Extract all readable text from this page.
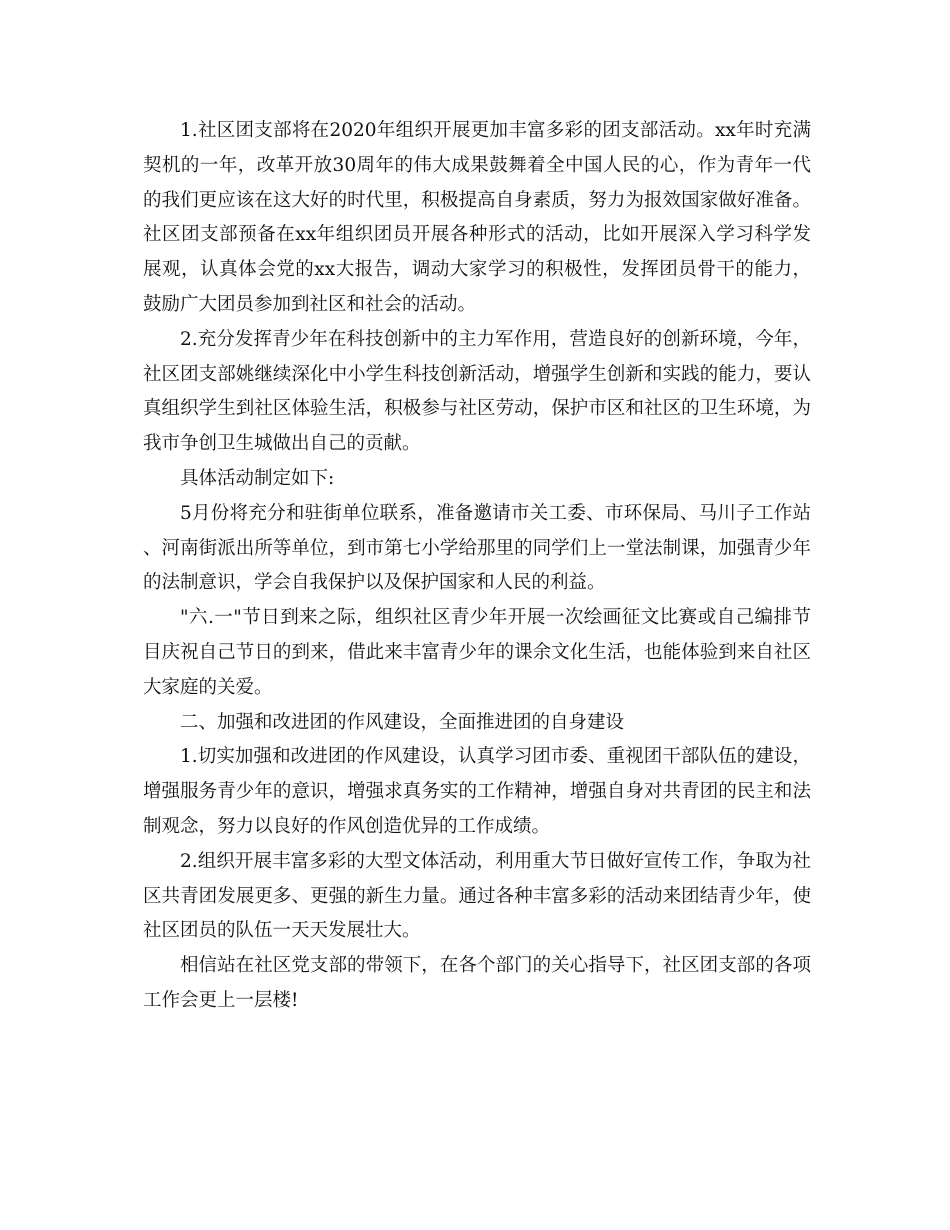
1.社区团支部将在2020年组织开展更加丰富多彩的团支部活动。xx年时充满契机的一年，改革开放30周年的伟大成果鼓舞着全中国人民的心，作为青年一代的我们更应该在这大好的时代里，积极提高自身素质，努力为报效国家做好准备。社区团支部预备在xx年组织团员开展各种形式的活动，比如开展深入学习科学发展观，认真体会党的xx大报告，调动大家学习的积极性，发挥团员骨干的能力，鼓励广大团员参加到社区和社会的活动。

2.充分发挥青少年在科技创新中的主力军作用，营造良好的创新环境，今年，社区团支部姚继续深化中小学生科技创新活动，增强学生创新和实践的能力，要认真组织学生到社区体验生活，积极参与社区劳动，保护市区和社区的卫生环境，为我市争创卫生城做出自己的贡献。

具体活动制定如下:

5月份将充分和驻街单位联系，准备邀请市关工委、市环保局、马川子工作站、河南街派出所等单位，到市第七小学给那里的同学们上一堂法制课，加强青少年的法制意识，学会自我保护以及保护国家和人民的利益。

"六.一"节日到来之际，组织社区青少年开展一次绘画征文比赛或自己编排节目庆祝自己节日的到来，借此来丰富青少年的课余文化生活，也能体验到来自社区大家庭的关爱。

二、加强和改进团的作风建设，全面推进团的自身建设

1.切实加强和改进团的作风建设，认真学习团市委、重视团干部队伍的建设，增强服务青少年的意识，增强求真务实的工作精神，增强自身对共青团的民主和法制观念，努力以良好的作风创造优异的工作成绩。

2.组织开展丰富多彩的大型文体活动，利用重大节日做好宣传工作，争取为社区共青团发展更多、更强的新生力量。通过各种丰富多彩的活动来团结青少年，使社区团员的队伍一天天发展壮大。

相信站在社区党支部的带领下，在各个部门的关心指导下，社区团支部的各项工作会更上一层楼!
